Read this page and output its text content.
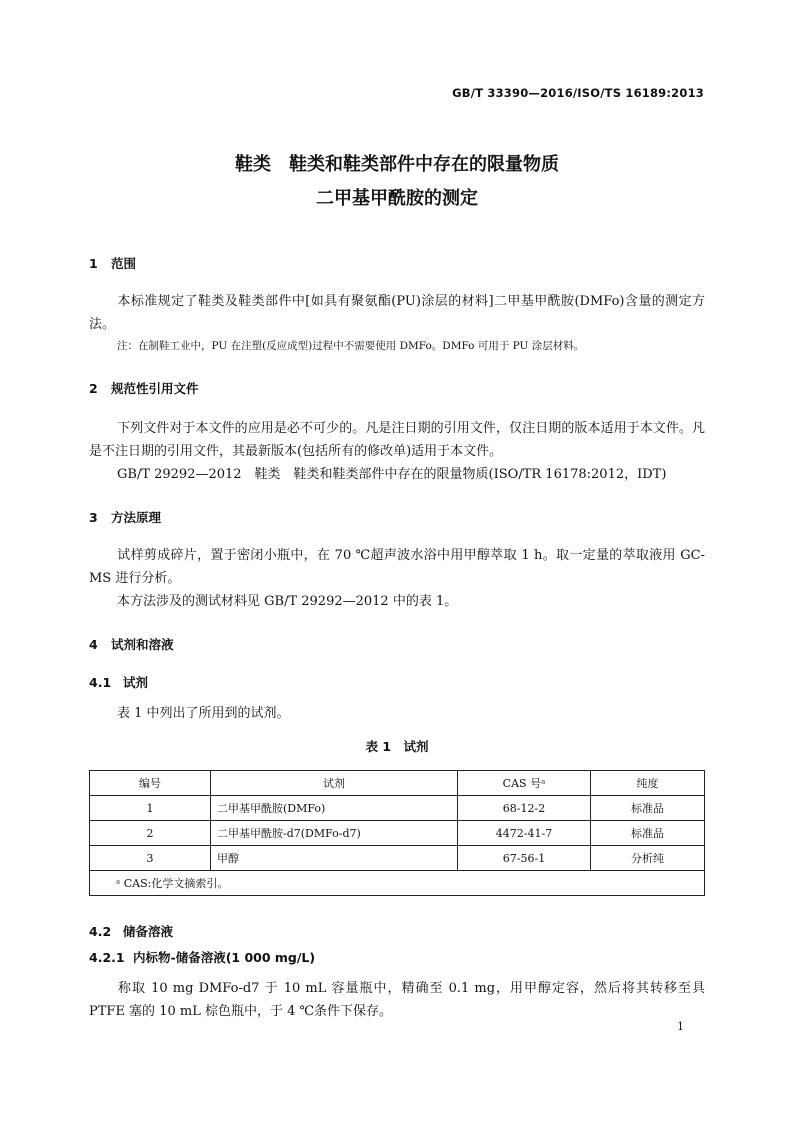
GB/T 33390—2016/ISO/TS 16189:2013
鞋类　鞋类和鞋类部件中存在的限量物质
二甲基甲酰胺的测定
1 范围
本标准规定了鞋类及鞋类部件中[如具有聚氨酯(PU)涂层的材料]二甲基甲酰胺(DMFo)含量的测定方法。
注：在制鞋工业中，PU 在注塑(反应成型)过程中不需要使用 DMFo。DMFo 可用于 PU 涂层材料。
2 规范性引用文件
下列文件对于本文件的应用是必不可少的。凡是注日期的引用文件，仅注日期的版本适用于本文件。凡是不注日期的引用文件，其最新版本(包括所有的修改单)适用于本文件。
GB/T 29292—2012　鞋类　鞋类和鞋类部件中存在的限量物质(ISO/TR 16178:2012，IDT)
3 方法原理
试样剪成碎片，置于密闭小瓶中，在 70 ℃超声波水浴中用甲醇萃取 1 h。取一定量的萃取液用 GC-MS 进行分析。
本方法涉及的测试材料见 GB/T 29292—2012 中的表 1。
4 试剂和溶液
4.1 试剂
表 1 中列出了所用到的试剂。
表 1　试剂
编号	试剂	CAS 号ᵃ	纯度
1	二甲基甲酰胺(DMFo)	68-12-2	标准品
2	二甲基甲酰胺-d7(DMFo-d7)	4472-41-7	标准品
3	甲醇	67-56-1	分析纯
ᵃ CAS:化学文摘索引。			
4.2 储备溶液
4.2.1 内标物-储备溶液(1 000 mg/L)
称取 10 mg DMFo-d7 于 10 mL 容量瓶中，精确至 0.1 mg，用甲醇定容，然后将其转移至具 PTFE 塞的 10 mL 棕色瓶中，于 4 ℃条件下保存。
1
